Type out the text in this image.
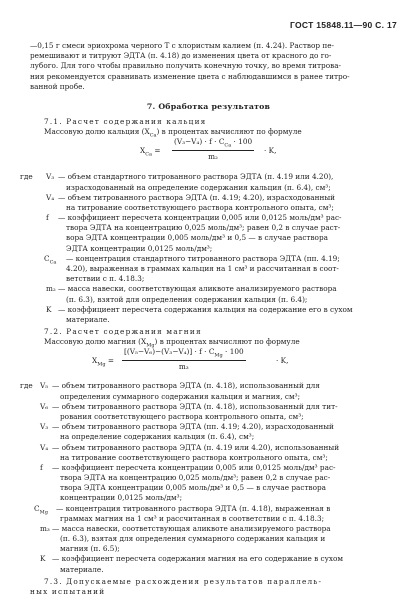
ГОСТ 15848.11—90 С. 17
—0,15 г смеси эриохрома черного Т с хлористым калием (п. 4.24). Раствор пе-
ремешивают и титруют ЭДТА (п. 4.18) до изменения цвета от красного до го-
лубого. Для того чтобы правильно получить конечную точку, во время титрова-
ния рекомендуется сравнивать изменение цвета с наблюдавшимся в ранее титро-
ванной пробе.
7. Обработка результатов
7.1. Расчет содержания кальция
Массовую долю кальция $(X_{Ca})$ в процентах вычисляют по формуле
$X_{Ca}$ =
$(V_3-V_4) \cdot f \cdot C_{Ca} \cdot 100$
m₂
· K,
где V₃ — объем стандартного титрованного раствора ЭДТА (п. 4.19 или 4.20),
израсходованный на определение содержания кальция (п. 6.4), см³;
V₄ — объем титрованного раствора ЭДТА (п. 4.19; 4.20), израсходованный
на титрование соответствующего раствора контрольного опыта, см³;
f — коэффициент пересчета концентрации 0,005 или 0,0125 моль/дм³ рас-
твора ЭДТА на концентрацию 0,025 моль/дм³; равен 0,2 в случае раст-
вора ЭДТА концентрации 0,005 моль/дм³ и 0,5 — в случае раствора
ЭДТА концентрации 0,0125 моль/дм³;
$C_{Ca}$ — концентрация стандартного титрованного раствора ЭДТА (пп. 4.19;
4.20), выраженная в граммах кальция на 1 см³ и рассчитанная в соот-
ветствии с п. 4.18.3;
m₂ — масса навески, соответствующая аликвоте анализируемого раствора
(п. 6.3), взятой для определения содержания кальция (п. 6.4);
K — коэффициент пересчета содержания кальция на содержание его в сухом
материале.
7.2. Расчет содержания магния
Массовую долю магния $(X_{Mg})$ в процентах вычисляют по формуле
$X_{Mg}$ =
$[(V_5-V_6)-(V_3-V_4)] \cdot f \cdot C_{Mg} \cdot 100$
m₃
· K,
где V₅ — объем титрованного раствора ЭДТА (п. 4.18), использованный для
определения суммарного содержания кальция и магния, см³;
V₆ — объем титрованного раствора ЭДТА (п. 4.18), использованный для тит-
рования соответствующего раствора контрольного опыта, см³;
V₃ — объем титрованного раствора ЭДТА (пп. 4.19; 4.20), израсходованный
на определение содержания кальция (п. 6.4), см³;
V₄ — объем титрованного раствора ЭДТА (п. 4.19 или 4.20), использованный
на титрование соответствующего раствора контрольного опыта, см³;
f — коэффициент пересчета концентрации 0,005 или 0,0125 моль/дм³ рас-
твора ЭДТА на концентрацию 0,025 моль/дм³; равен 0,2 в случае рас-
твора ЭДТА концентрации 0,005 моль/дм³ и 0,5 — в случае раствора
концентрации 0,0125 моль/дм³;
$C_{Mg}$ — концентрация титрованного раствора ЭДТА (п. 4.18), выраженная в
граммах магния на 1 см³ и рассчитанная в соответствии с п. 4.18.3;
m₃ — масса навески, соответствующая аликвоте анализируемого раствора
(п. 6.3), взятая для определения суммарного содержания кальция и
магния (п. 6.5);
K — коэффициент пересчета содержания магния на его содержание в сухом
материале.
7.3. Допускаемые расхождения результатов параллель-
ных испытаний
